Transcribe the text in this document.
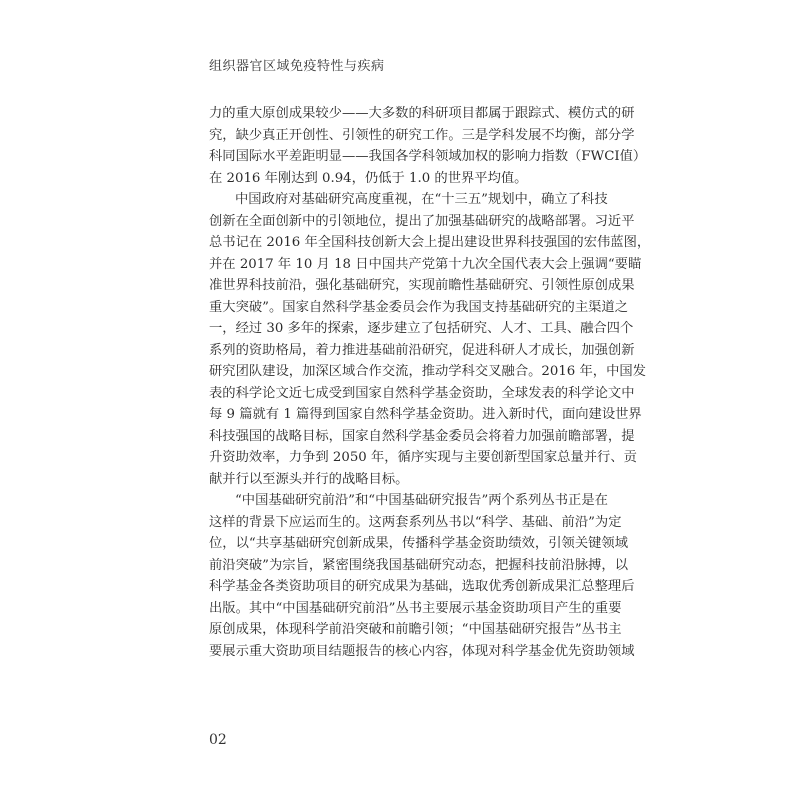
组织器官区域免疫特性与疾病
力的重大原创成果较少——大多数的科研项目都属于跟踪式、模仿式的研
究，缺少真正开创性、引领性的研究工作。三是学科发展不均衡，部分学
科同国际水平差距明显——我国各学科领域加权的影响力指数（FWCI值）
在 2016 年刚达到 0.94，仍低于 1.0 的世界平均值。
中国政府对基础研究高度重视，在“十三五”规划中，确立了科技
创新在全面创新中的引领地位，提出了加强基础研究的战略部署。习近平
总书记在 2016 年全国科技创新大会上提出建设世界科技强国的宏伟蓝图，
并在 2017 年 10 月 18 日中国共产党第十九次全国代表大会上强调“要瞄
准世界科技前沿，强化基础研究，实现前瞻性基础研究、引领性原创成果
重大突破”。国家自然科学基金委员会作为我国支持基础研究的主渠道之
一，经过 30 多年的探索，逐步建立了包括研究、人才、工具、融合四个
系列的资助格局，着力推进基础前沿研究，促进科研人才成长，加强创新
研究团队建设，加深区域合作交流，推动学科交叉融合。2016 年，中国发
表的科学论文近七成受到国家自然科学基金资助，全球发表的科学论文中
每 9 篇就有 1 篇得到国家自然科学基金资助。进入新时代，面向建设世界
科技强国的战略目标，国家自然科学基金委员会将着力加强前瞻部署，提
升资助效率，力争到 2050 年，循序实现与主要创新型国家总量并行、贡
献并行以至源头并行的战略目标。
“中国基础研究前沿”和“中国基础研究报告”两个系列丛书正是在
这样的背景下应运而生的。这两套系列丛书以“科学、基础、前沿”为定
位，以“共享基础研究创新成果，传播科学基金资助绩效，引领关键领域
前沿突破”为宗旨，紧密围绕我国基础研究动态，把握科技前沿脉搏，以
科学基金各类资助项目的研究成果为基础，选取优秀创新成果汇总整理后
出版。其中“中国基础研究前沿”丛书主要展示基金资助项目产生的重要
原创成果，体现科学前沿突破和前瞻引领；“中国基础研究报告”丛书主
要展示重大资助项目结题报告的核心内容，体现对科学基金优先资助领域
02
